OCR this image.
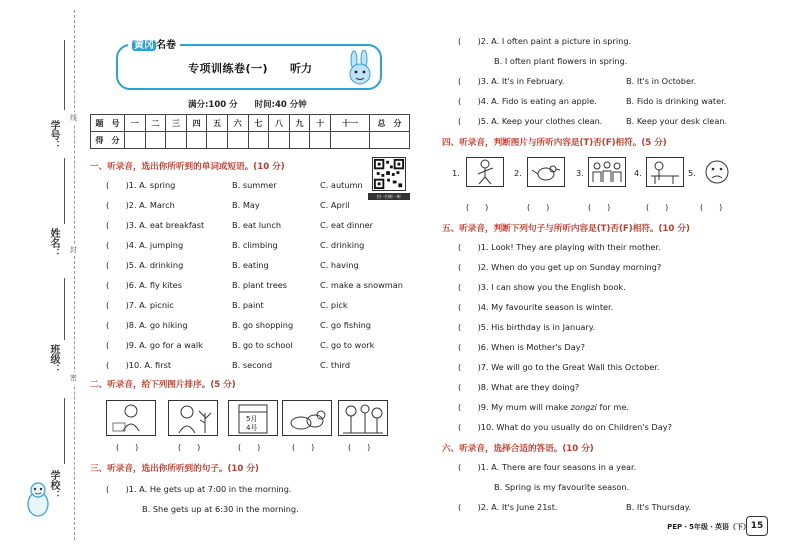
学号：
线
姓名： 封
班级：
密
学校：
黄冈 名卷
专项训练卷(一) 听力
满分:100 分 时间:40 分钟
题　号	一	二	三	四	五	六	七	八	九	十	十一	总　分
得　分												
扫一扫听一听
一、听录音，选出你所听到的单词或短语。(10 分)
(　　)1. A. spring	B. summer	C. autumn
(　　)2. A. March	B. May	C. April
(　　)3. A. eat breakfast	B. eat lunch	C. eat dinner
(　　)4. A. jumping	B. climbing	C. drinking
(　　)5. A. drinking	B. eating	C. having
(　　)6. A. fly kites	B. plant trees	C. make a snowman
(　　)7. A. picnic	B. paint	C. pick
(　　)8. A. go hiking	B. go shopping	C. go fishing
(　　)9. A. go for a walk	B. go to school	C. go to work
(　　)10. A. first	B. second	C. third
二、听录音，给下列图片排序。(5 分)
5月
4号
(　　)	(　　)	(　　)	(　　)	(　　)
三、听录音，选出你所听到的句子。(10 分)
(　　)1. A. He gets up at 7:00 in the morning.
B. She gets up at 6:30 in the morning.
(　　)2. A. I often paint a picture in spring.
B. I often plant flowers in spring.
(　　)3. A. It's in February.	B. It's in October.
(　　)4. A. Fido is eating an apple.	B. Fido is drinking water.
(　　)5. A. Keep your clothes clean.	B. Keep your desk clean.
四、听录音，判断图片与所听内容是(T)否(F)相符。(5 分)
1.	2.	3.	4.	5.
(　　)	(　　)	(　　)	(　　)	(　　)
五、听录音，判断下列句子与所听内容是(T)否(F)相符。(10 分)
(　　)1. Look! They are playing with their mother.
(　　)2. When do you get up on Sunday morning?
(　　)3. I can show you the English book.
(　　)4. My favourite season is winter.
(　　)5. His birthday is in January.
(　　)6. When is Mother's Day?
(　　)7. We will go to the Great Wall this October.
(　　)8. What are they doing?
(　　)9. My mum will make zongzi for me.
(　　)10. What do you usually do on Children's Day?
六、听录音，选择合适的答语。(10 分)
(　　)1. A. There are four seasons in a year.
B. Spring is my favourite season.
(　　)2. A. It's June 21st.	B. It's Thursday.
PEP・5年级・英语（下） 15
